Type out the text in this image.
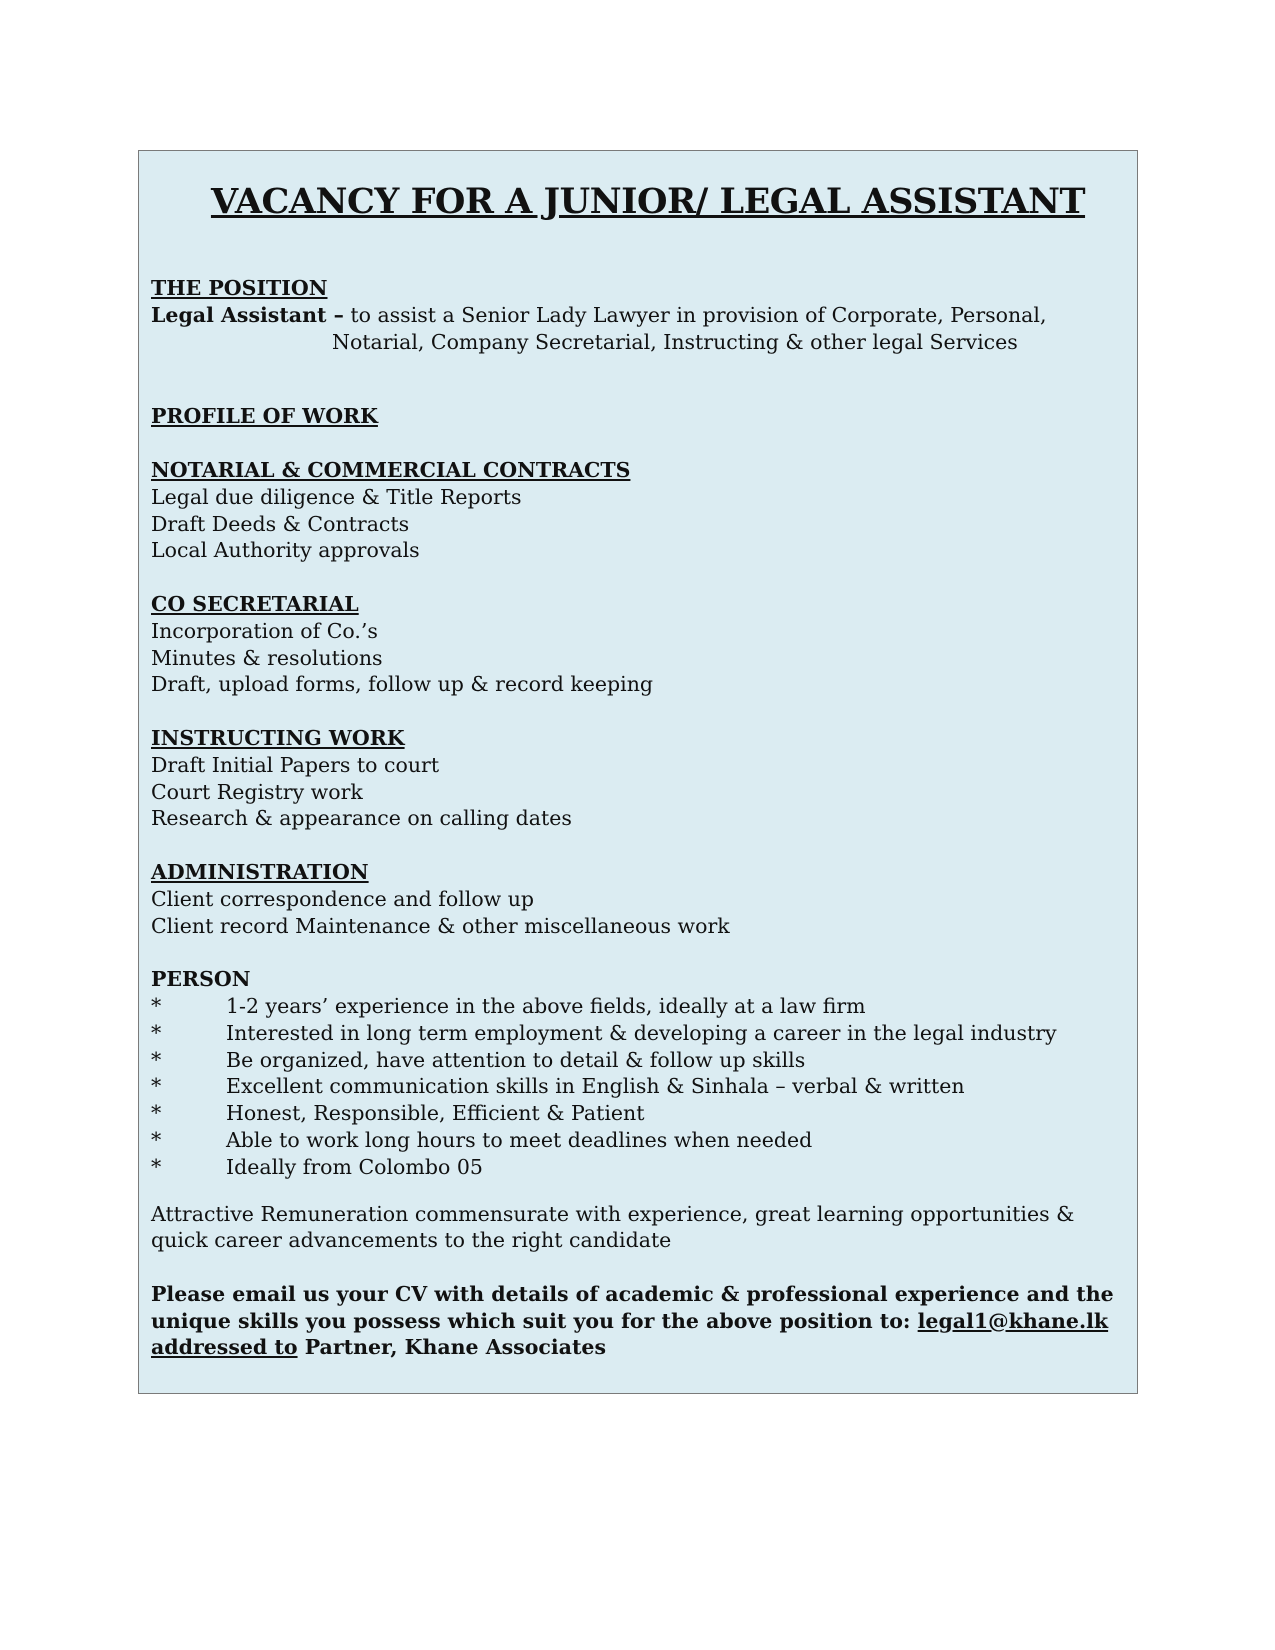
VACANCY FOR A JUNIOR/ LEGAL ASSISTANT
THE POSITION
Legal Assistant – to assist a Senior Lady Lawyer in provision of Corporate, Personal,
Notarial, Company Secretarial, Instructing & other legal Services
PROFILE OF WORK
NOTARIAL & COMMERCIAL CONTRACTS
Legal due diligence & Title Reports
Draft Deeds & Contracts
Local Authority approvals
CO SECRETARIAL
Incorporation of Co.’s
Minutes & resolutions
Draft, upload forms, follow up & record keeping
INSTRUCTING WORK
Draft Initial Papers to court
Court Registry work
Research & appearance on calling dates
ADMINISTRATION
Client correspondence and follow up
Client record Maintenance & other miscellaneous work
PERSON
*	1-2 years’ experience in the above fields, ideally at a law firm
*	Interested in long term employment & developing a career in the legal industry
*	Be organized, have attention to detail & follow up skills
*	Excellent communication skills in English & Sinhala – verbal & written
*	Honest, Responsible, Efficient & Patient
*	Able to work long hours to meet deadlines when needed
*	Ideally from Colombo 05
Attractive Remuneration commensurate with experience, great learning opportunities & quick career advancements to the right candidate
Please email us your CV with details of academic & professional experience and the unique skills you possess which suit you for the above position to: legal1@khane.lk addressed to Partner, Khane Associates
